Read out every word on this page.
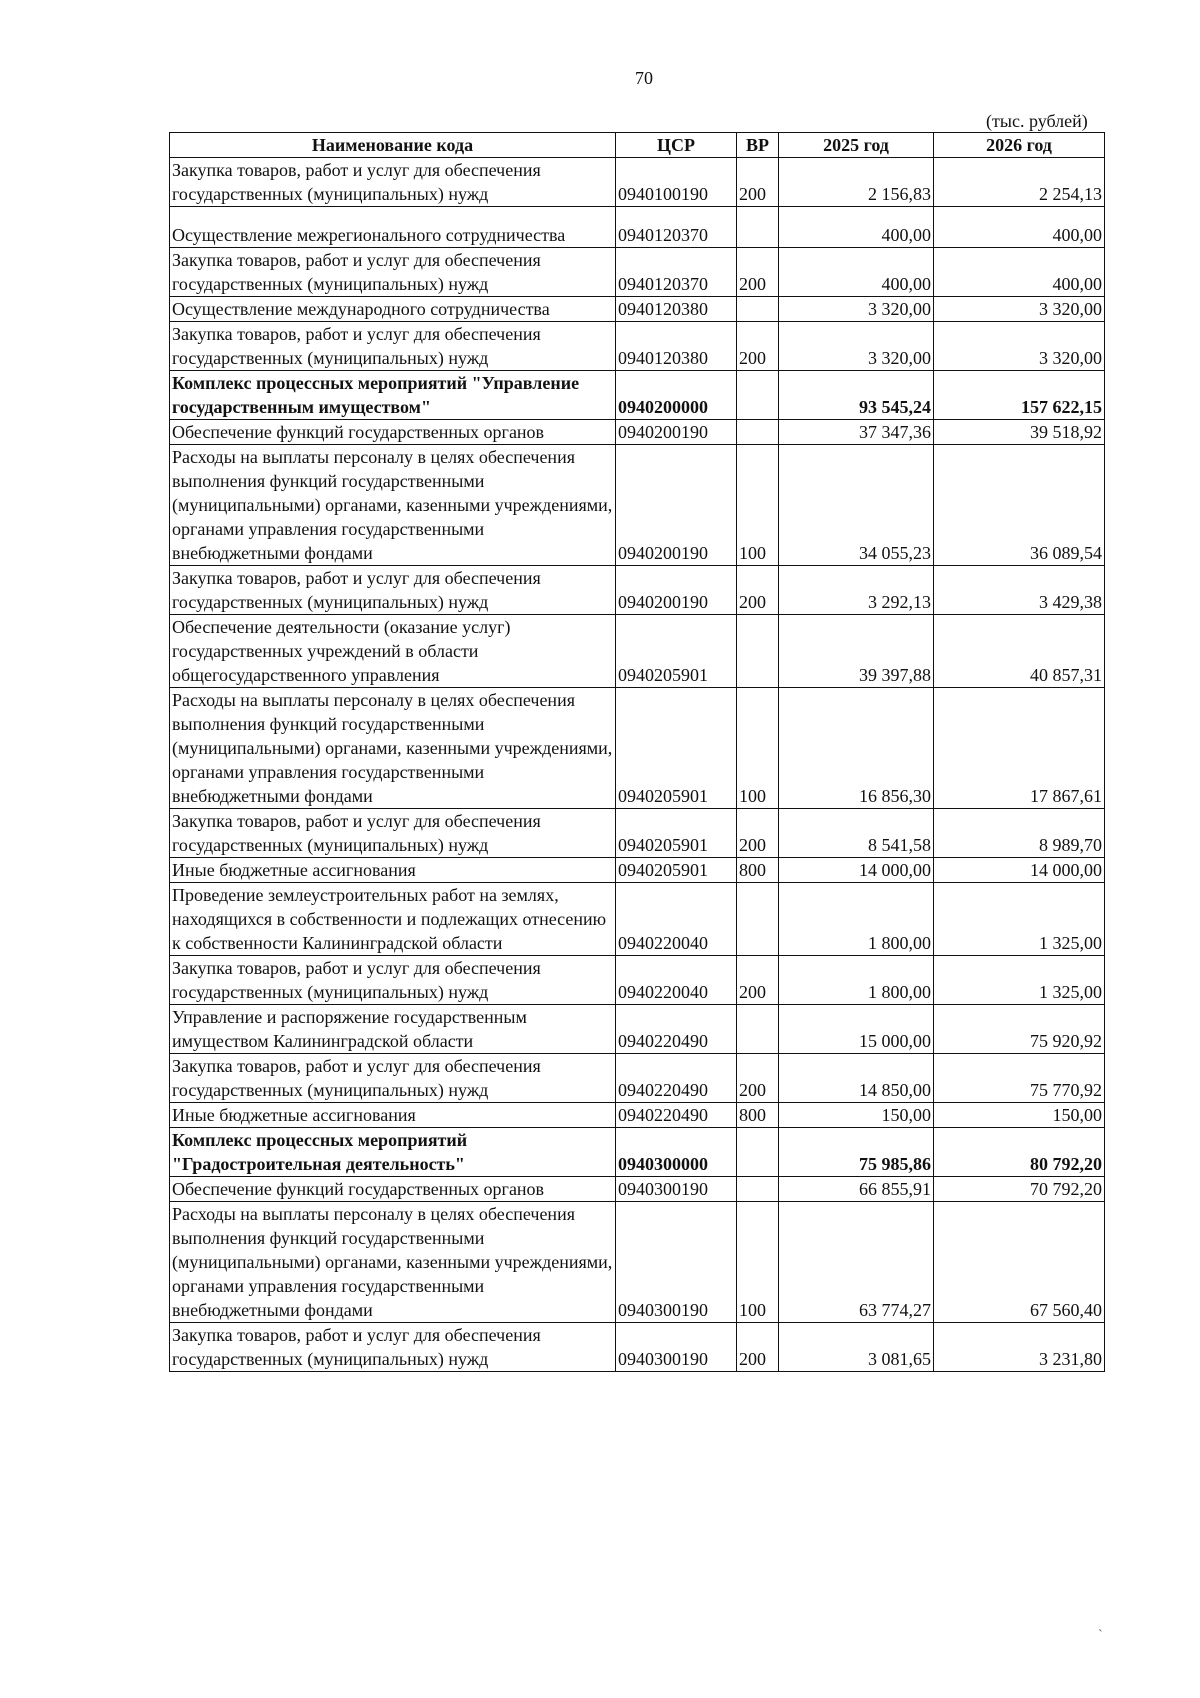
70
(тыс. рублей)
Наименование кода	ЦСР	ВР	2025 год	2026 год
Закупка товаров, работ и услуг для обеспечения государственных (муниципальных) нужд	0940100190	200	2 156,83	2 254,13
Осуществление межрегионального сотрудничества	0940120370		400,00	400,00
Закупка товаров, работ и услуг для обеспечения государственных (муниципальных) нужд	0940120370	200	400,00	400,00
Осуществление международного сотрудничества	0940120380		3 320,00	3 320,00
Закупка товаров, работ и услуг для обеспечения государственных (муниципальных) нужд	0940120380	200	3 320,00	3 320,00
Комплекс процессных мероприятий "Управление государственным имуществом"	0940200000		93 545,24	157 622,15
Обеспечение функций государственных органов	0940200190		37 347,36	39 518,92
Расходы на выплаты персоналу в целях обеспечения выполнения функций государственными (муниципальными) органами, казенными учреждениями, органами управления государственными внебюджетными фондами	0940200190	100	34 055,23	36 089,54
Закупка товаров, работ и услуг для обеспечения государственных (муниципальных) нужд	0940200190	200	3 292,13	3 429,38
Обеспечение деятельности (оказание услуг) государственных учреждений в области общегосударственного управления	0940205901		39 397,88	40 857,31
Расходы на выплаты персоналу в целях обеспечения выполнения функций государственными (муниципальными) органами, казенными учреждениями, органами управления государственными внебюджетными фондами	0940205901	100	16 856,30	17 867,61
Закупка товаров, работ и услуг для обеспечения государственных (муниципальных) нужд	0940205901	200	8 541,58	8 989,70
Иные бюджетные ассигнования	0940205901	800	14 000,00	14 000,00
Проведение землеустроительных работ на землях, находящихся в собственности и подлежащих отнесению к собственности Калининградской области	0940220040		1 800,00	1 325,00
Закупка товаров, работ и услуг для обеспечения государственных (муниципальных) нужд	0940220040	200	1 800,00	1 325,00
Управление и распоряжение государственным имуществом Калининградской области	0940220490		15 000,00	75 920,92
Закупка товаров, работ и услуг для обеспечения государственных (муниципальных) нужд	0940220490	200	14 850,00	75 770,92
Иные бюджетные ассигнования	0940220490	800	150,00	150,00
Комплекс процессных мероприятий "Градостроительная деятельность"	0940300000		75 985,86	80 792,20
Обеспечение функций государственных органов	0940300190		66 855,91	70 792,20
Расходы на выплаты персоналу в целях обеспечения выполнения функций государственными (муниципальными) органами, казенными учреждениями, органами управления государственными внебюджетными фондами	0940300190	100	63 774,27	67 560,40
Закупка товаров, работ и услуг для обеспечения государственных (муниципальных) нужд	0940300190	200	3 081,65	3 231,80
`
